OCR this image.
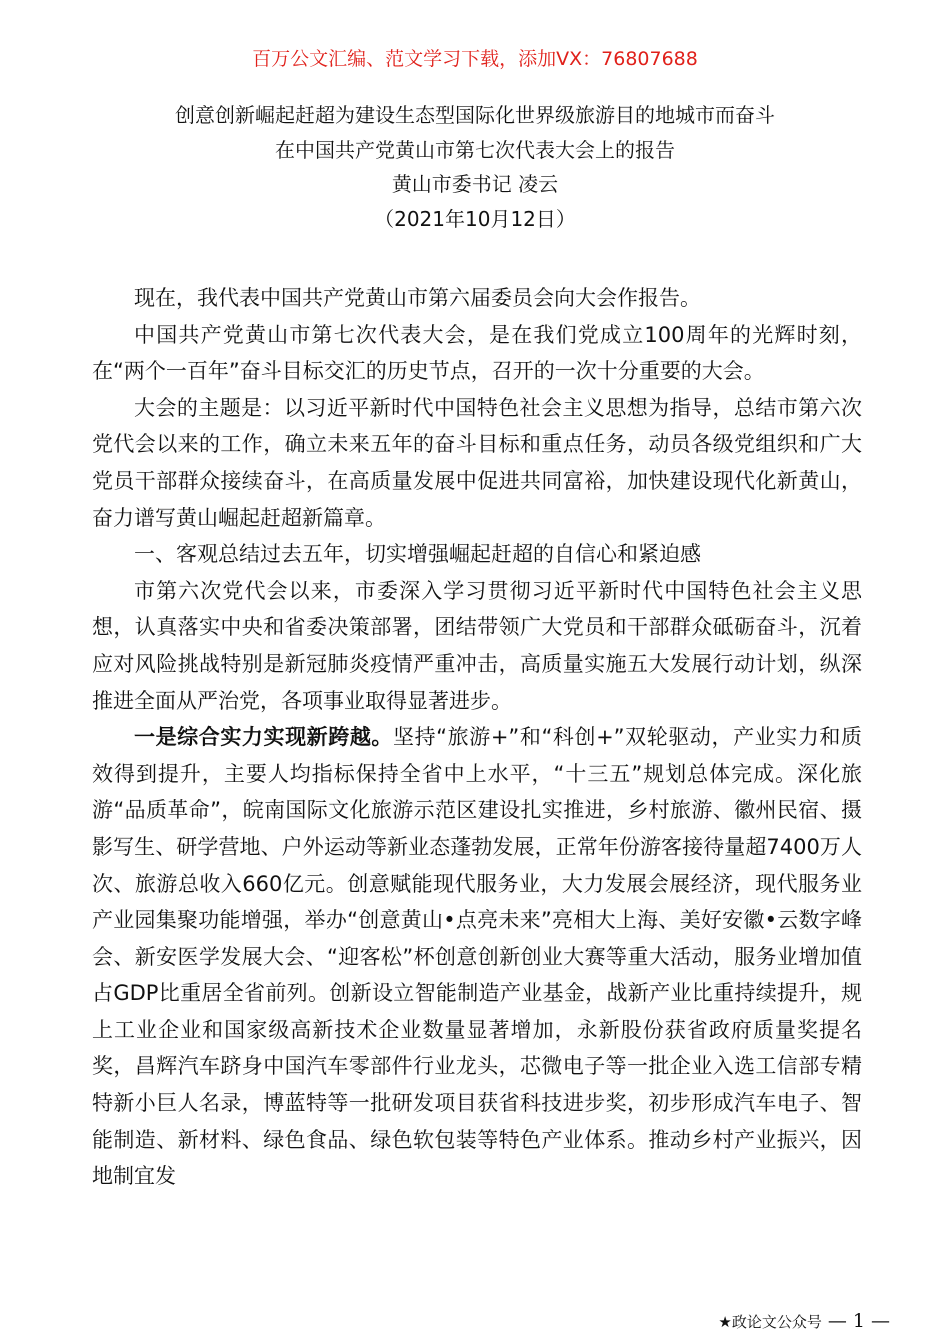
百万公文汇编、范文学习下载，添加VX：76807688
创意创新崛起赶超为建设生态型国际化世界级旅游目的地城市而奋斗
在中国共产党黄山市第七次代表大会上的报告
黄山市委书记 凌云
（2021年10月12日）

现在，我代表中国共产党黄山市第六届委员会向大会作报告。

中国共产党黄山市第七次代表大会，是在我们党成立100周年的光辉时刻，在“两个一百年”奋斗目标交汇的历史节点，召开的一次十分重要的大会。

大会的主题是：以习近平新时代中国特色社会主义思想为指导，总结市第六次党代会以来的工作，确立未来五年的奋斗目标和重点任务，动员各级党组织和广大党员干部群众接续奋斗，在高质量发展中促进共同富裕，加快建设现代化新黄山，奋力谱写黄山崛起赶超新篇章。

一、客观总结过去五年，切实增强崛起赶超的自信心和紧迫感

市第六次党代会以来，市委深入学习贯彻习近平新时代中国特色社会主义思想，认真落实中央和省委决策部署，团结带领广大党员和干部群众砥砺奋斗，沉着应对风险挑战特别是新冠肺炎疫情严重冲击，高质量实施五大发展行动计划，纵深推进全面从严治党，各项事业取得显著进步。

一是综合实力实现新跨越。坚持“旅游+”和“科创+”双轮驱动，产业实力和质效得到提升，主要人均指标保持全省中上水平，“十三五”规划总体完成。深化旅游“品质革命”，皖南国际文化旅游示范区建设扎实推进，乡村旅游、徽州民宿、摄影写生、研学营地、户外运动等新业态蓬勃发展，正常年份游客接待量超7400万人次、旅游总收入660亿元。创意赋能现代服务业，大力发展会展经济，现代服务业产业园集聚功能增强，举办“创意黄山•点亮未来”亮相大上海、美好安徽•云数字峰会、新安医学发展大会、“迎客松”杯创意创新创业大赛等重大活动，服务业增加值占GDP比重居全省前列。创新设立智能制造产业基金，战新产业比重持续提升，规上工业企业和国家级高新技术企业数量显著增加，永新股份获省政府质量奖提名奖，昌辉汽车跻身中国汽车零部件行业龙头，芯微电子等一批企业入选工信部专精特新小巨人名录，博蓝特等一批研发项目获省科技进步奖，初步形成汽车电子、智能制造、新材料、绿色食品、绿色软包装等特色产业体系。推动乡村产业振兴，因地制宜发

★政论文公众号 — 1 —
